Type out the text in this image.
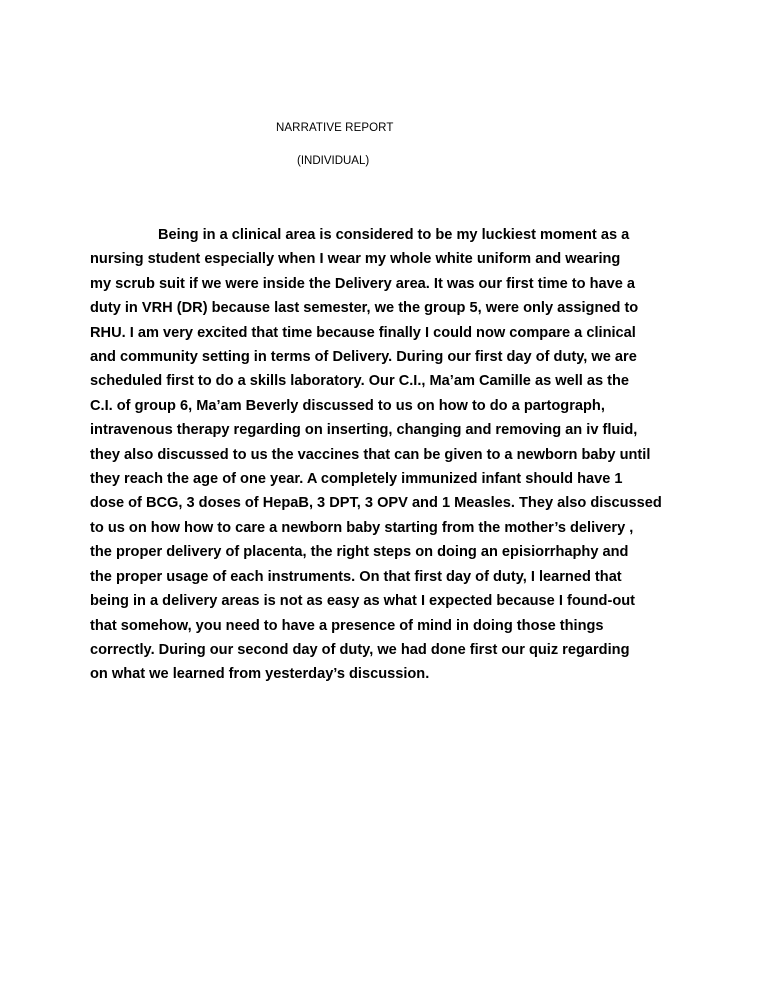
NARRATIVE REPORT
(INDIVIDUAL)
Being in a clinical area is considered to be my luckiest moment as a
nursing student especially when I wear my whole white uniform and wearing
my scrub suit if we were inside the Delivery area. It was our first time to have a
duty in VRH (DR) because last semester, we the group 5, were only assigned to
RHU. I am very excited that time because finally I could now compare a clinical
and community setting in terms of Delivery. During our first day of duty, we are
scheduled first to do a skills laboratory. Our C.I., Ma’am Camille as well as the
C.I. of group 6, Ma’am Beverly discussed to us on how to do a partograph,
intravenous therapy regarding on inserting, changing and removing an iv fluid,
they also discussed to us the vaccines that can be given to a newborn baby until
they reach the age of one year. A completely immunized infant should have 1
dose of BCG, 3 doses of HepaB, 3 DPT, 3 OPV and 1 Measles. They also discussed
to us on how how to care a newborn baby starting from the mother’s delivery ,
the proper delivery of placenta, the right steps on doing an episiorrhaphy and
the proper usage of each instruments. On that first day of duty, I learned that
being in a delivery areas is not as easy as what I expected because I found-out
that somehow, you need to have a presence of mind in doing those things
correctly. During our second day of duty, we had done first our quiz regarding
on what we learned from yesterday’s discussion.
